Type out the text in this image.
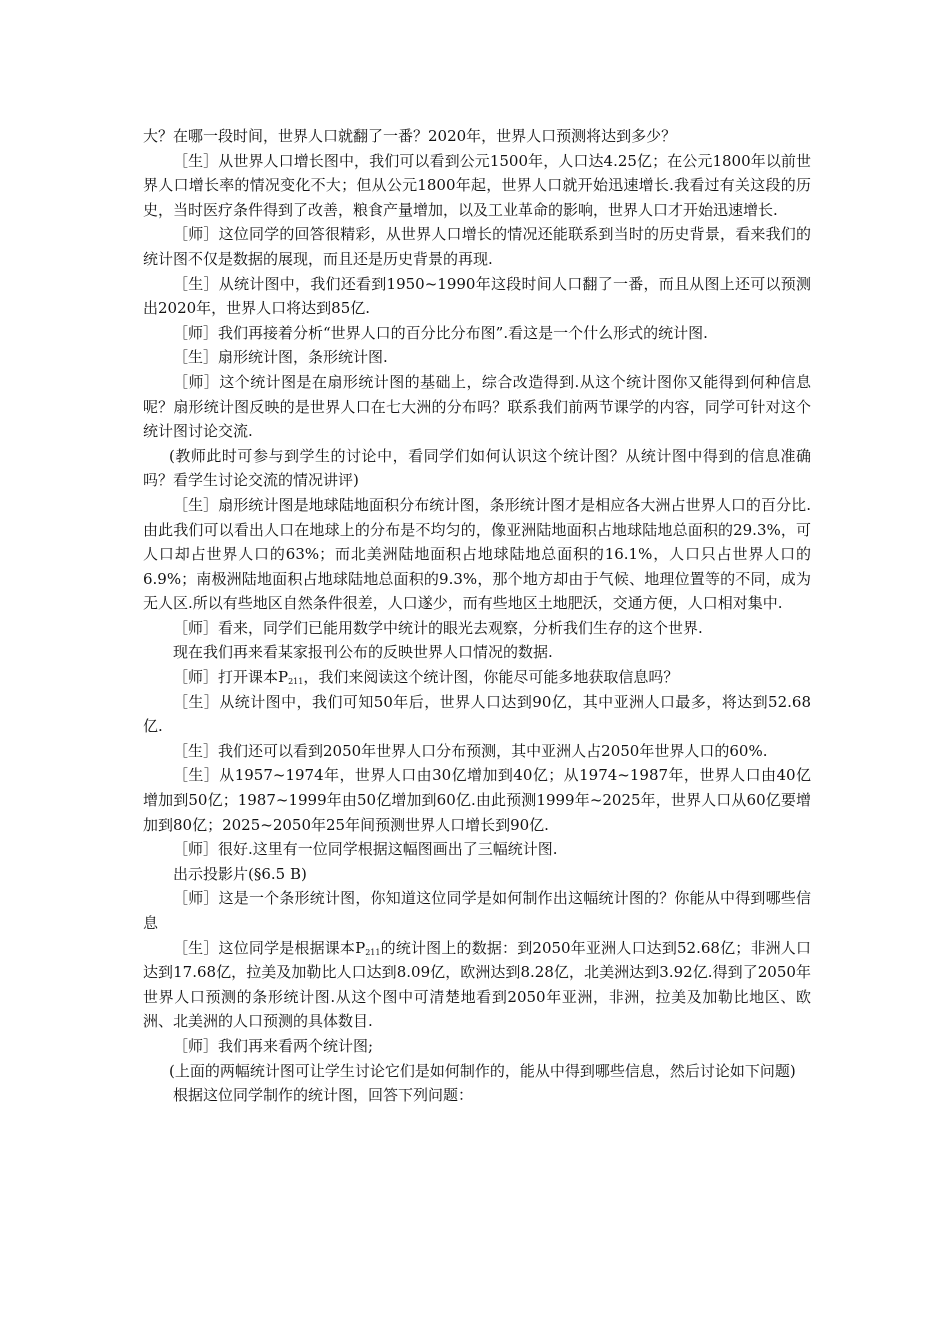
大？在哪一段时间，世界人口就翻了一番？2020年，世界人口预测将达到多少？

［生］从世界人口增长图中，我们可以看到公元1500年，人口达4.25亿；在公元1800年以前世界人口增长率的情况变化不大；但从公元1800年起，世界人口就开始迅速增长.我看过有关这段的历史，当时医疗条件得到了改善，粮食产量增加，以及工业革命的影响，世界人口才开始迅速增长.

［师］这位同学的回答很精彩，从世界人口增长的情况还能联系到当时的历史背景，看来我们的统计图不仅是数据的展现，而且还是历史背景的再现.

［生］从统计图中，我们还看到1950~1990年这段时间人口翻了一番，而且从图上还可以预测出2020年，世界人口将达到85亿.

［师］我们再接着分析“世界人口的百分比分布图”.看这是一个什么形式的统计图.

［生］扇形统计图，条形统计图.

［师］这个统计图是在扇形统计图的基础上，综合改造得到.从这个统计图你又能得到何种信息呢？扇形统计图反映的是世界人口在七大洲的分布吗？联系我们前两节课学的内容，同学可针对这个统计图讨论交流.

(教师此时可参与到学生的讨论中，看同学们如何认识这个统计图？从统计图中得到的信息准确吗？看学生讨论交流的情况讲评)

［生］扇形统计图是地球陆地面积分布统计图，条形统计图才是相应各大洲占世界人口的百分比.由此我们可以看出人口在地球上的分布是不均匀的，像亚洲陆地面积占地球陆地总面积的29.3%，可人口却占世界人口的63%；而北美洲陆地面积占地球陆地总面积的16.1%，人口只占世界人口的6.9%；南极洲陆地面积占地球陆地总面积的9.3%，那个地方却由于气候、地理位置等的不同，成为无人区.所以有些地区自然条件很差，人口遂少，而有些地区土地肥沃，交通方便，人口相对集中.

［师］看来，同学们已能用数学中统计的眼光去观察，分析我们生存的这个世界.

现在我们再来看某家报刊公布的反映世界人口情况的数据.

［师］打开课本$P_{211}$，我们来阅读这个统计图，你能尽可能多地获取信息吗？

［生］从统计图中，我们可知50年后，世界人口达到90亿，其中亚洲人口最多，将达到52.68亿.

［生］我们还可以看到2050年世界人口分布预测，其中亚洲人占2050年世界人口的60%.

［生］从1957~1974年，世界人口由30亿增加到40亿；从1974~1987年，世界人口由40亿增加到50亿；1987~1999年由50亿增加到60亿.由此预测1999年~2025年，世界人口从60亿要增加到80亿；2025~2050年25年间预测世界人口增长到90亿.

［师］很好.这里有一位同学根据这幅图画出了三幅统计图.

出示投影片(§6.5 B)

［师］这是一个条形统计图，你知道这位同学是如何制作出这幅统计图的？你能从中得到哪些信息

［生］这位同学是根据课本$P_{211}$的统计图上的数据：到2050年亚洲人口达到52.68亿；非洲人口达到17.68亿，拉美及加勒比人口达到8.09亿，欧洲达到8.28亿，北美洲达到3.92亿.得到了2050年世界人口预测的条形统计图.从这个图中可清楚地看到2050年亚洲，非洲，拉美及加勒比地区、欧洲、北美洲的人口预测的具体数目.

［师］我们再来看两个统计图;

(上面的两幅统计图可让学生讨论它们是如何制作的，能从中得到哪些信息，然后讨论如下问题)

根据这位同学制作的统计图，回答下列问题：
